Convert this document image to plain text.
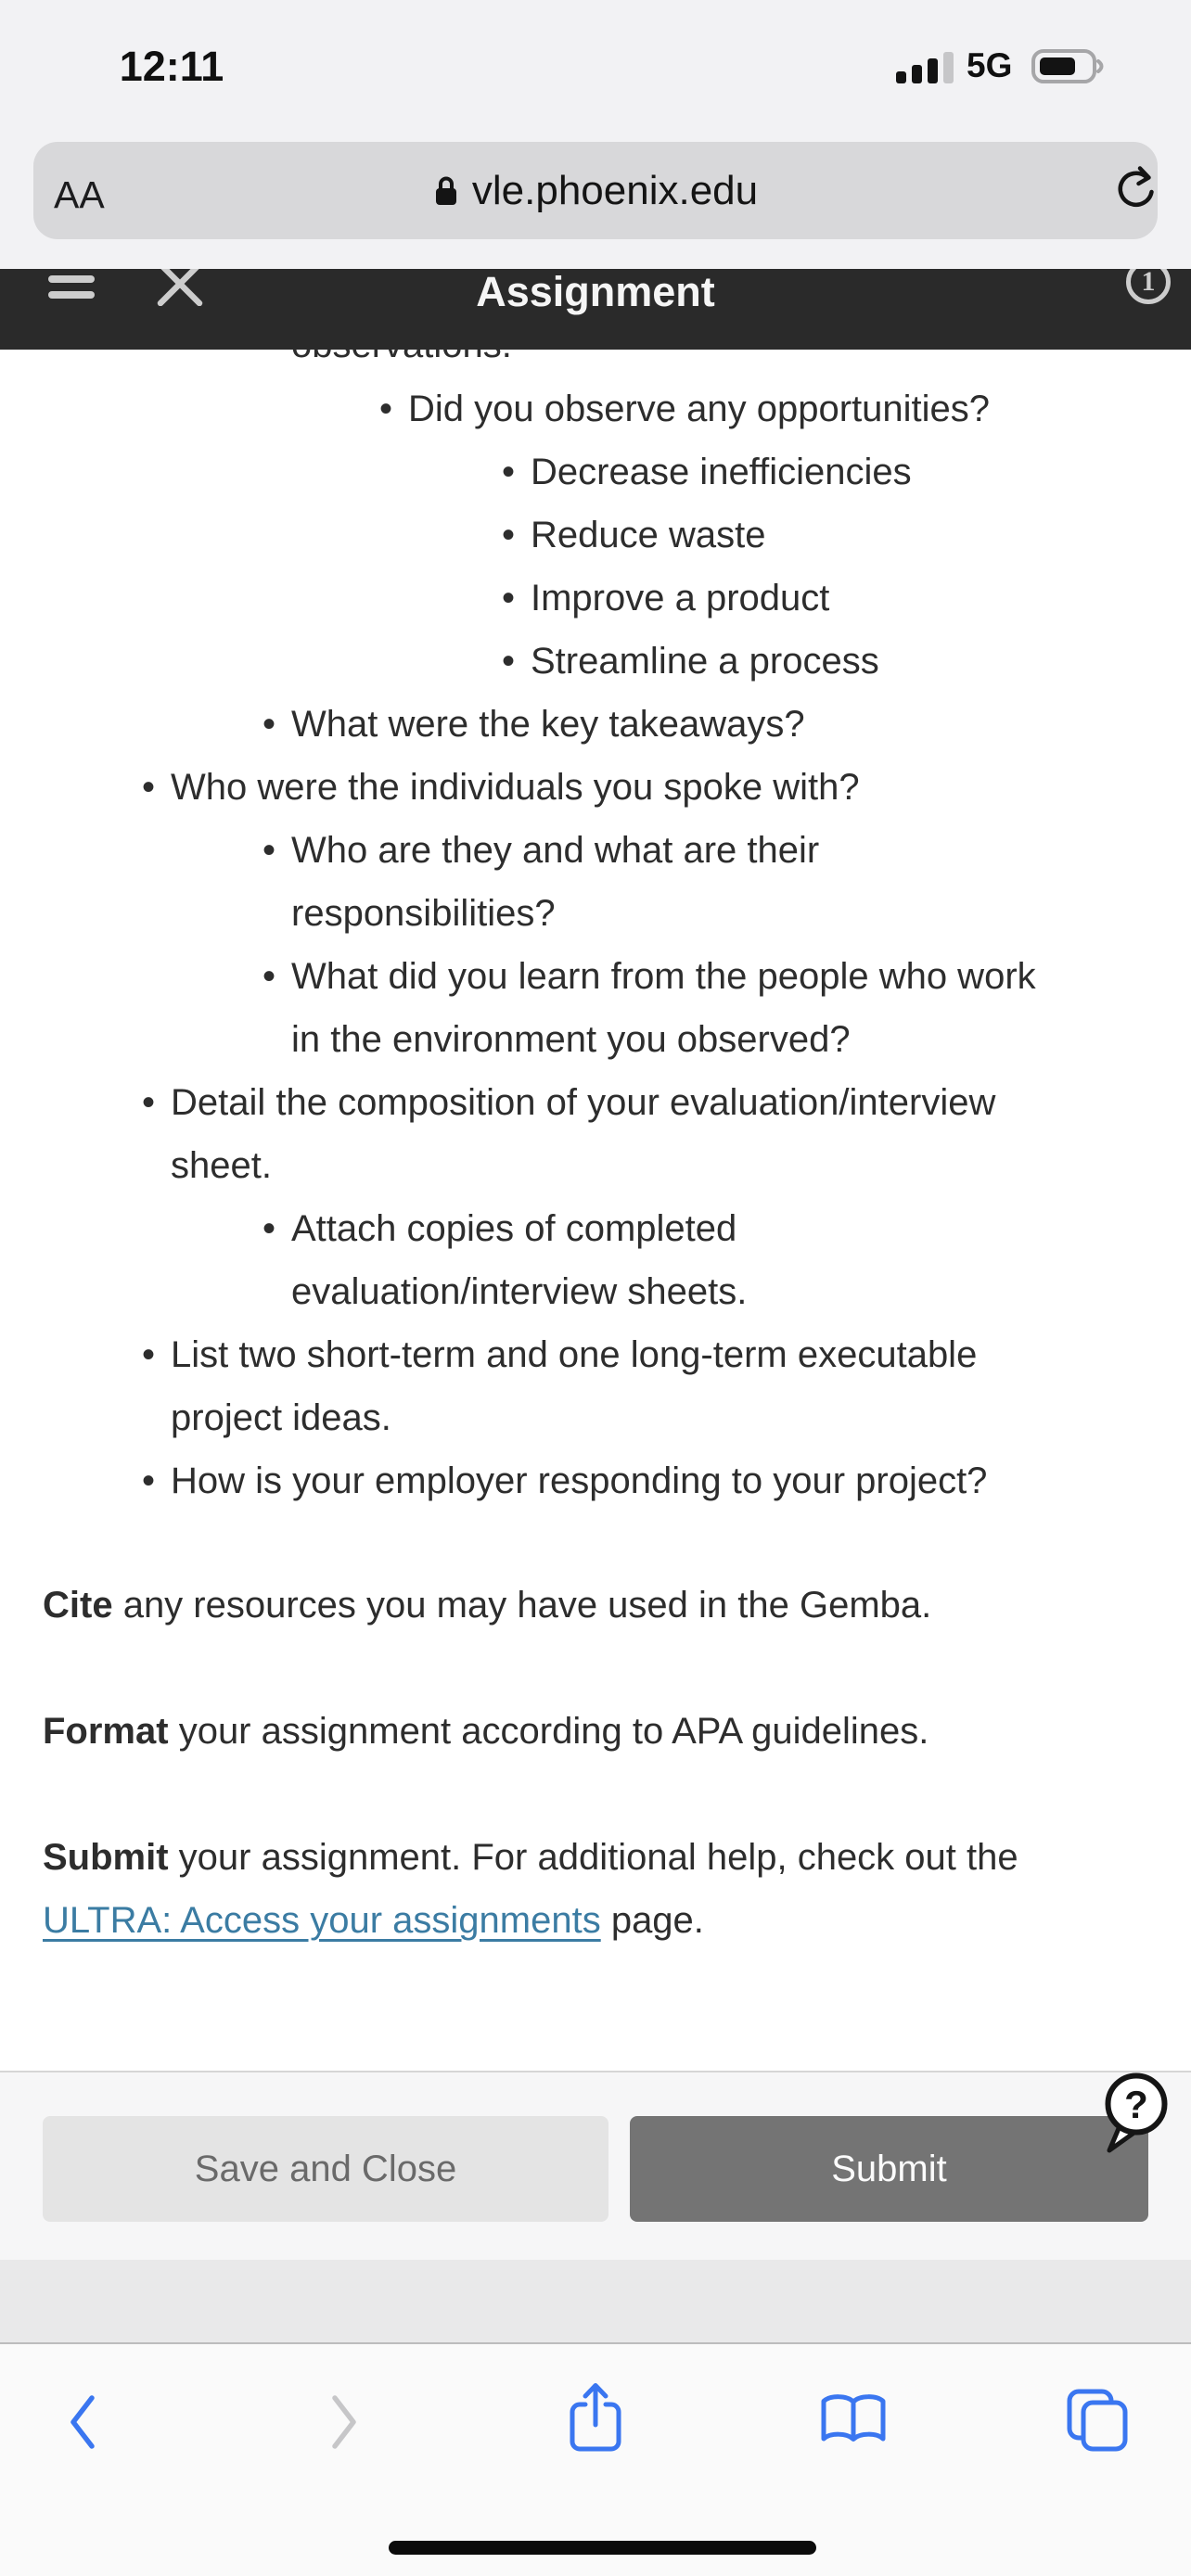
• Did you observe any opportunities?
• Decrease inefficiencies
• Reduce waste
• Improve a product
• Streamline a process
• What were the key takeaways?
• Who were the individuals you spoke with?
• Who are they and what are their
responsibilities?
• What did you learn from the people who work
in the environment you observed?
• Detail the composition of your evaluation/interview
sheet.
• Attach copies of completed
evaluation/interview sheets.
• List two short-term and one long-term executable
project ideas.
• How is your employer responding to your project?
Cite any resources you may have used in the Gemba.
Format your assignment according to APA guidelines.
Submit your assignment. For additional help, check out the
ULTRA: Access your assignments page.
12:11	5G
vle.phoenix.edu
AA
Assignment	1
Save and Close	Submit
?
